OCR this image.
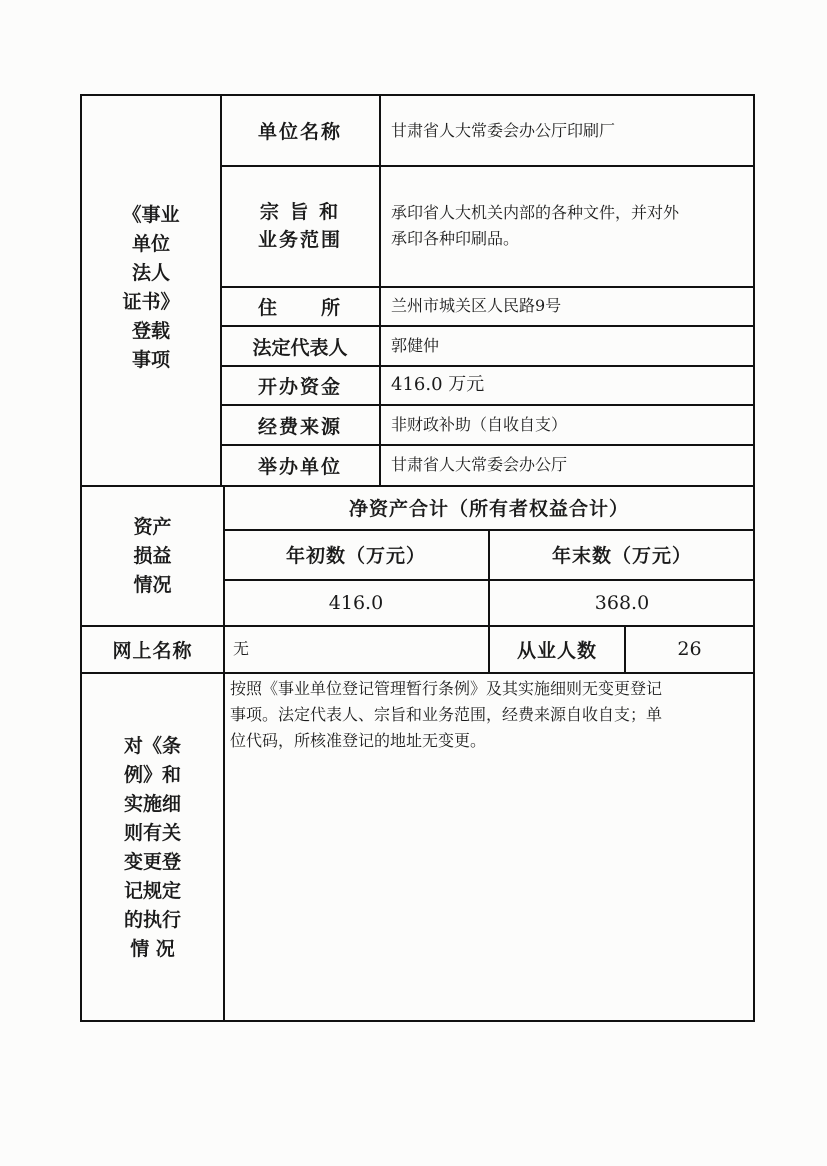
《事业
单位
法人
证书》
登载
事项
单位名称	甘肃省人大常委会办公厅印刷厂
宗 旨 和
业务范围
承印省人大机关内部的各种文件，并对外
承印各种印刷品。
住　　所	兰州市城关区人民路9号
法定代表人	郭健仲
开办资金	416.0 万元
经费来源	非财政补助（自收自支）
举办单位	甘肃省人大常委会办公厅
资产
损益
情况
净资产合计（所有者权益合计）
年初数（万元）	年末数（万元）
416.0	368.0
网上名称	无	从业人数	26
对《条
例》和
实施细
则有关
变更登
记规定
的执行
情 况
按照《事业单位登记管理暂行条例》及其实施细则无变更登记
事项。法定代表人、宗旨和业务范围，经费来源自收自支；单
位代码，所核准登记的地址无变更。
